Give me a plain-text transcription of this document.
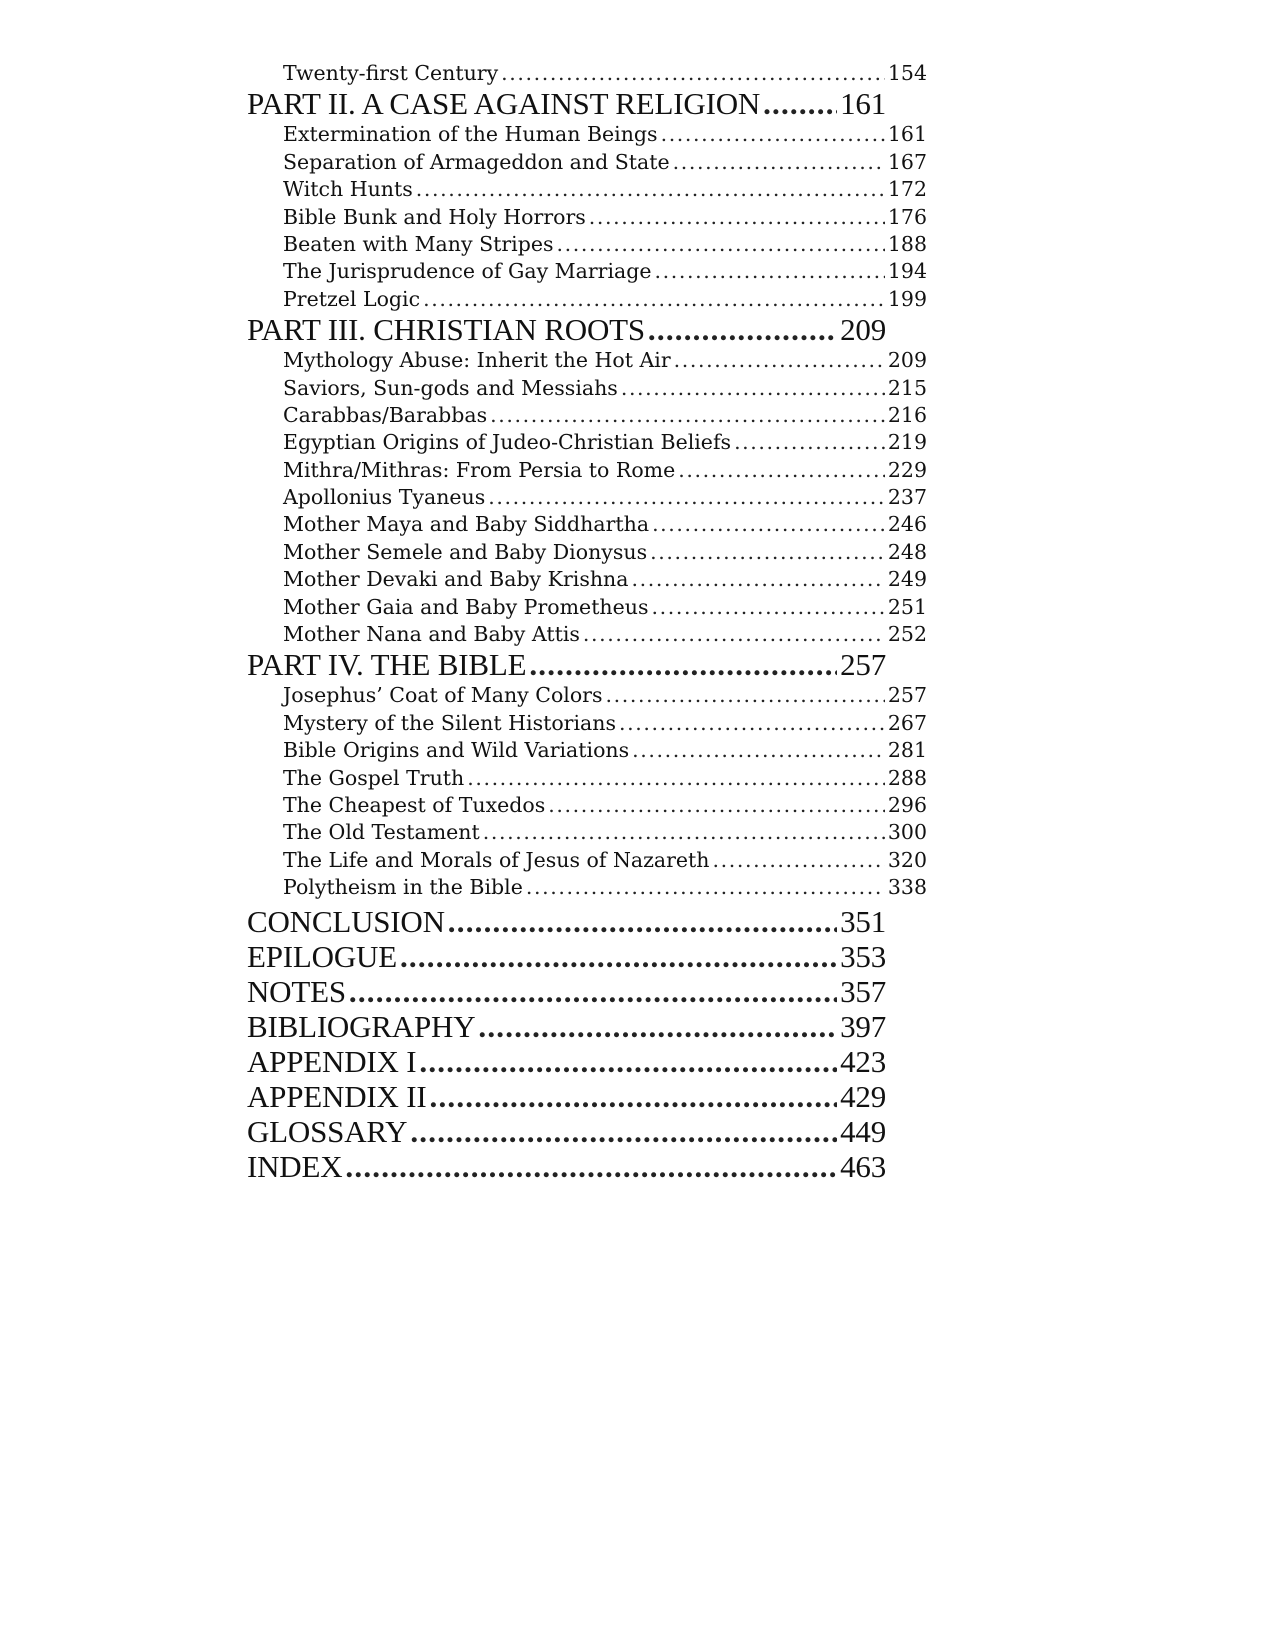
Twenty-first Century .....	154
PART II. A CASE AGAINST RELIGION .....	161
Extermination of the Human Beings .....	161
Separation of Armageddon and State .....	167
Witch Hunts .....	172
Bible Bunk and Holy Horrors .....	176
Beaten with Many Stripes .....	188
The Jurisprudence of Gay Marriage .....	194
Pretzel Logic .....	199
PART III. CHRISTIAN ROOTS .....	209
Mythology Abuse: Inherit the Hot Air .....	209
Saviors, Sun-gods and Messiahs .....	215
Carabbas/Barabbas .....	216
Egyptian Origins of Judeo-Christian Beliefs .....	219
Mithra/Mithras: From Persia to Rome .....	229
Apollonius Tyaneus .....	237
Mother Maya and Baby Siddhartha .....	246
Mother Semele and Baby Dionysus .....	248
Mother Devaki and Baby Krishna .....	249
Mother Gaia and Baby Prometheus .....	251
Mother Nana and Baby Attis .....	252
PART IV. THE BIBLE .....	257
Josephus’ Coat of Many Colors .....	257
Mystery of the Silent Historians .....	267
Bible Origins and Wild Variations .....	281
The Gospel Truth .....	288
The Cheapest of Tuxedos .....	296
The Old Testament .....	300
The Life and Morals of Jesus of Nazareth .....	320
Polytheism in the Bible .....	338
CONCLUSION .....	351
EPILOGUE .....	353
NOTES .....	357
BIBLIOGRAPHY .....	397
APPENDIX I .....	423
APPENDIX II .....	429
GLOSSARY .....	449
INDEX .....	463
